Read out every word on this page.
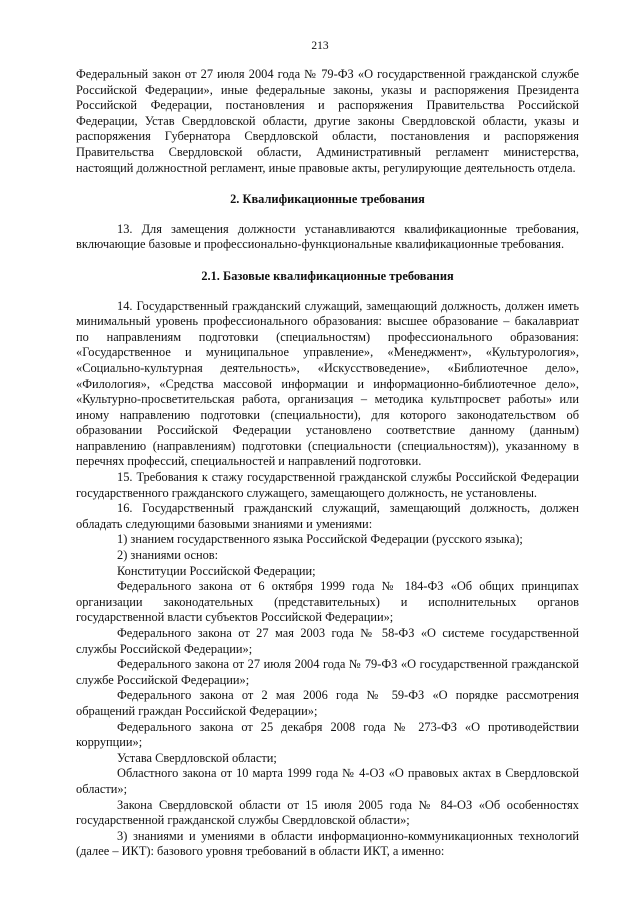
213

Федеральный закон от 27 июля 2004 года № 79-ФЗ «О государственной гражданской службе Российской Федерации», иные федеральные законы, указы и распоряжения Президента Российской Федерации, постановления и распоряжения Правительства Российской Федерации, Устав Свердловской области, другие законы Свердловской области, указы и распоряжения Губернатора Свердловской области, постановления и распоряжения Правительства Свердловской области, Административный регламент министерства, настоящий должностной регламент, иные правовые акты, регулирующие деятельность отдела.

2. Квалификационные требования

13. Для замещения должности устанавливаются квалификационные требования, включающие базовые и профессионально-функциональные квалификационные требования.

2.1. Базовые квалификационные требования

14. Государственный гражданский служащий, замещающий должность, должен иметь минимальный уровень профессионального образования: высшее образование – бакалавриат по направлениям подготовки (специальностям) профессионального образования: «Государственное и муниципальное управление», «Менеджмент», «Культурология», «Социально-культурная деятельность», «Искусствоведение», «Библиотечное дело», «Филология», «Средства массовой информации и информационно-библиотечное дело», «Культурно-просветительская работа, организация – методика культпросвет работы» или иному направлению подготовки (специальности), для которого законодательством об образовании Российской Федерации установлено соответствие данному (данным) направлению (направлениям) подготовки (специальности (специальностям)), указанному в перечнях профессий, специальностей и направлений подготовки.

15. Требования к стажу государственной гражданской службы Российской Федерации государственного гражданского служащего, замещающего должность, не установлены.

16. Государственный гражданский служащий, замещающий должность, должен обладать следующими базовыми знаниями и умениями:

1) знанием государственного языка Российской Федерации (русского языка);

2) знаниями основ:

Конституции Российской Федерации;

Федерального закона от 6 октября 1999 года № 184-ФЗ «Об общих принципах организации законодательных (представительных) и исполнительных органов государственной власти субъектов Российской Федерации»;

Федерального закона от 27 мая 2003 года № 58-ФЗ «О системе государственной службы Российской Федерации»;

Федерального закона от 27 июля 2004 года № 79-ФЗ «О государственной гражданской службе Российской Федерации»;

Федерального закона от 2 мая 2006 года № 59-ФЗ «О порядке рассмотрения обращений граждан Российской Федерации»;

Федерального закона от 25 декабря 2008 года № 273-ФЗ «О противодействии коррупции»;

Устава Свердловской области;

Областного закона от 10 марта 1999 года № 4-ОЗ «О правовых актах в Свердловской области»;

Закона Свердловской области от 15 июля 2005 года № 84-ОЗ «Об особенностях государственной гражданской службы Свердловской области»;

3) знаниями и умениями в области информационно-коммуникационных технологий (далее – ИКТ): базового уровня требований в области ИКТ, а именно:
